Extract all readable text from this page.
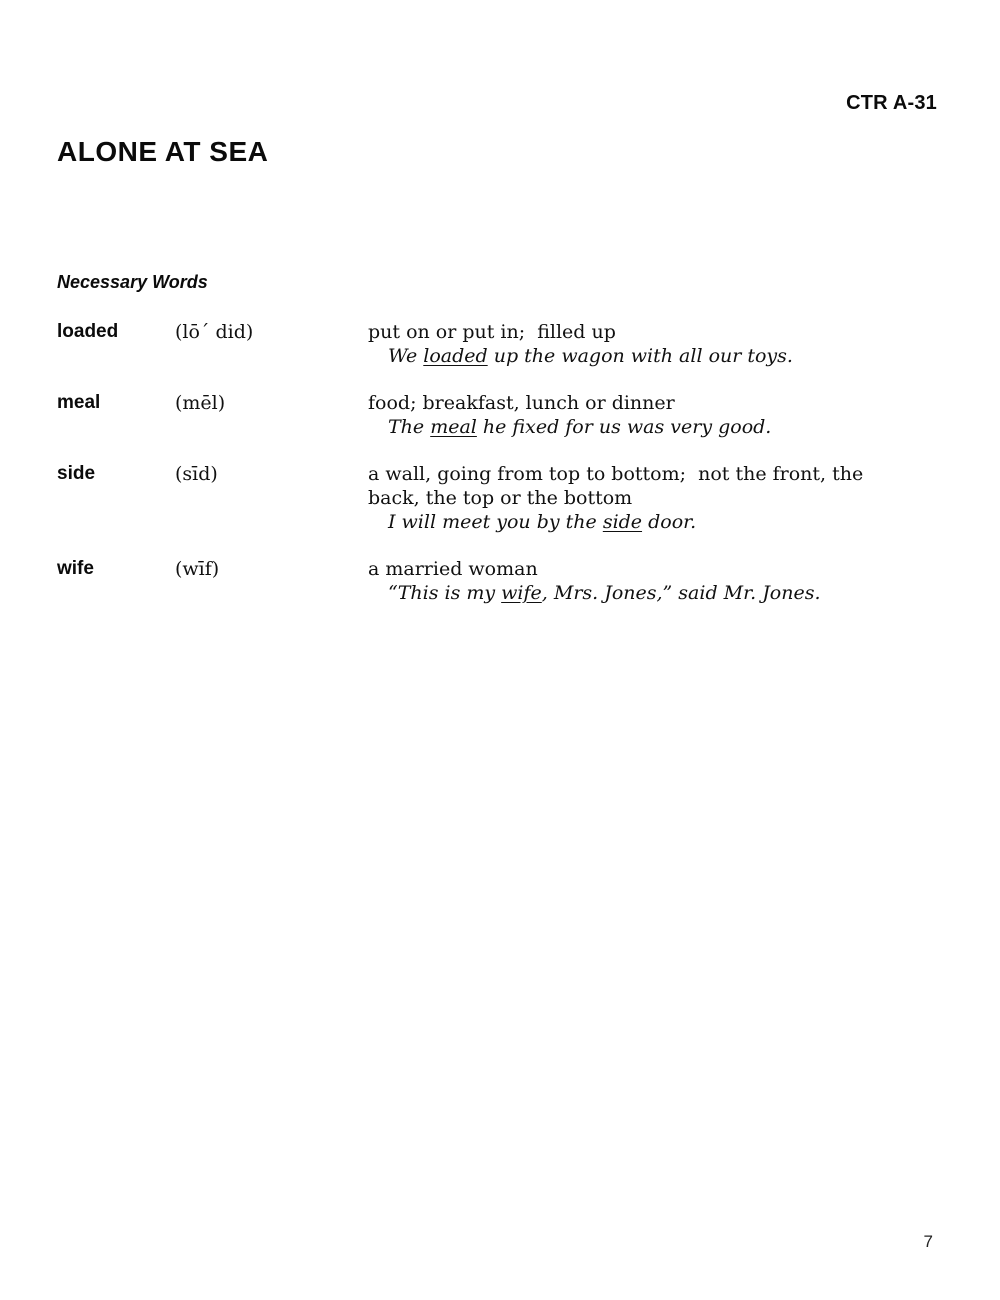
CTR A-31
ALONE AT SEA
Necessary Words
loaded	(lō´ did)	put on or put in;  filled up
We loaded up the wagon with all our toys.
meal	(mēl)	food; breakfast, lunch or dinner
The meal he fixed for us was very good.
side	(sīd)	a wall, going from top to bottom;  not the front, the
back, the top or the bottom
I will meet you by the side door.
wife	(wīf)	a married woman
“This is my wife, Mrs. Jones,” said Mr. Jones.
7
